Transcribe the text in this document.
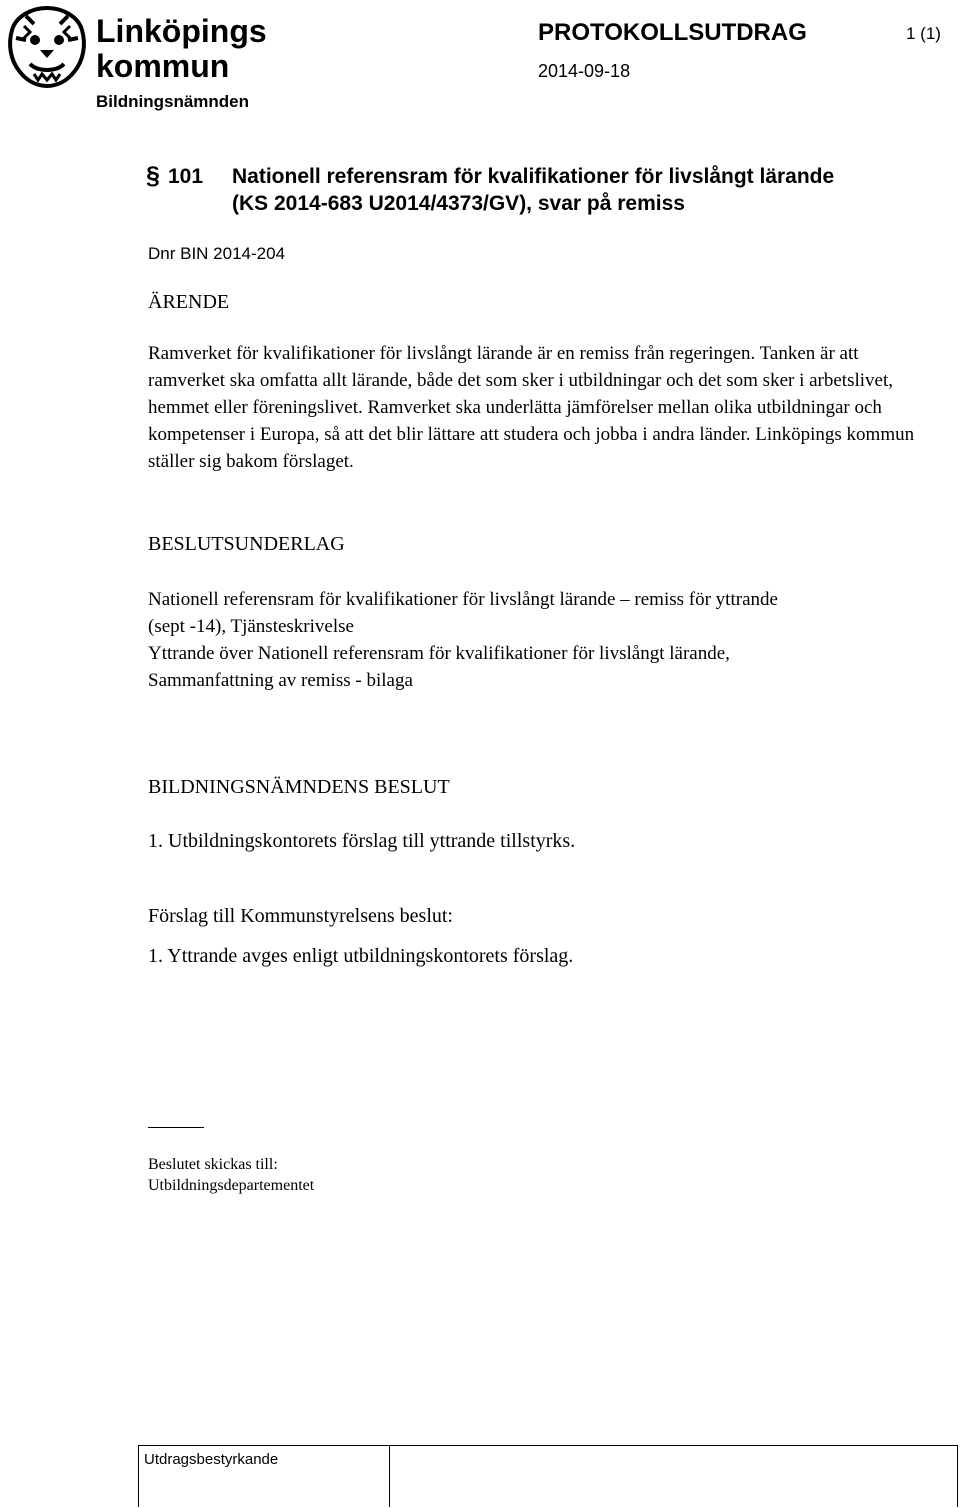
Linköpings
kommun
Bildningsnämnden
PROTOKOLLSUTDRAG	1 (1)
2014-09-18
§ 101 Nationell referensram för kvalifikationer för livslångt lärande
(KS 2014-683 U2014/4373/GV), svar på remiss
Dnr BIN 2014-204
ÄRENDE
Ramverket för kvalifikationer för livslångt lärande är en remiss från regeringen. Tanken är att ramverket ska omfatta allt lärande, både det som sker i utbildningar och det som sker i arbetslivet, hemmet eller föreningslivet. Ramverket ska underlätta jämförelser mellan olika utbildningar och kompetenser i Europa, så att det blir lättare att studera och jobba i andra länder. Linköpings kommun ställer sig bakom förslaget.
BESLUTSUNDERLAG
Nationell referensram för kvalifikationer för livslångt lärande – remiss för yttrande
(sept -14), Tjänsteskrivelse
Yttrande över Nationell referensram för kvalifikationer för livslångt lärande,
Sammanfattning av remiss - bilaga
BILDNINGSNÄMNDENS BESLUT
1. Utbildningskontorets förslag till yttrande tillstyrks.
Förslag till Kommunstyrelsens beslut:
1. Yttrande avges enligt utbildningskontorets förslag.
Beslutet skickas till:
Utbildningsdepartementet
Utdragsbestyrkande
